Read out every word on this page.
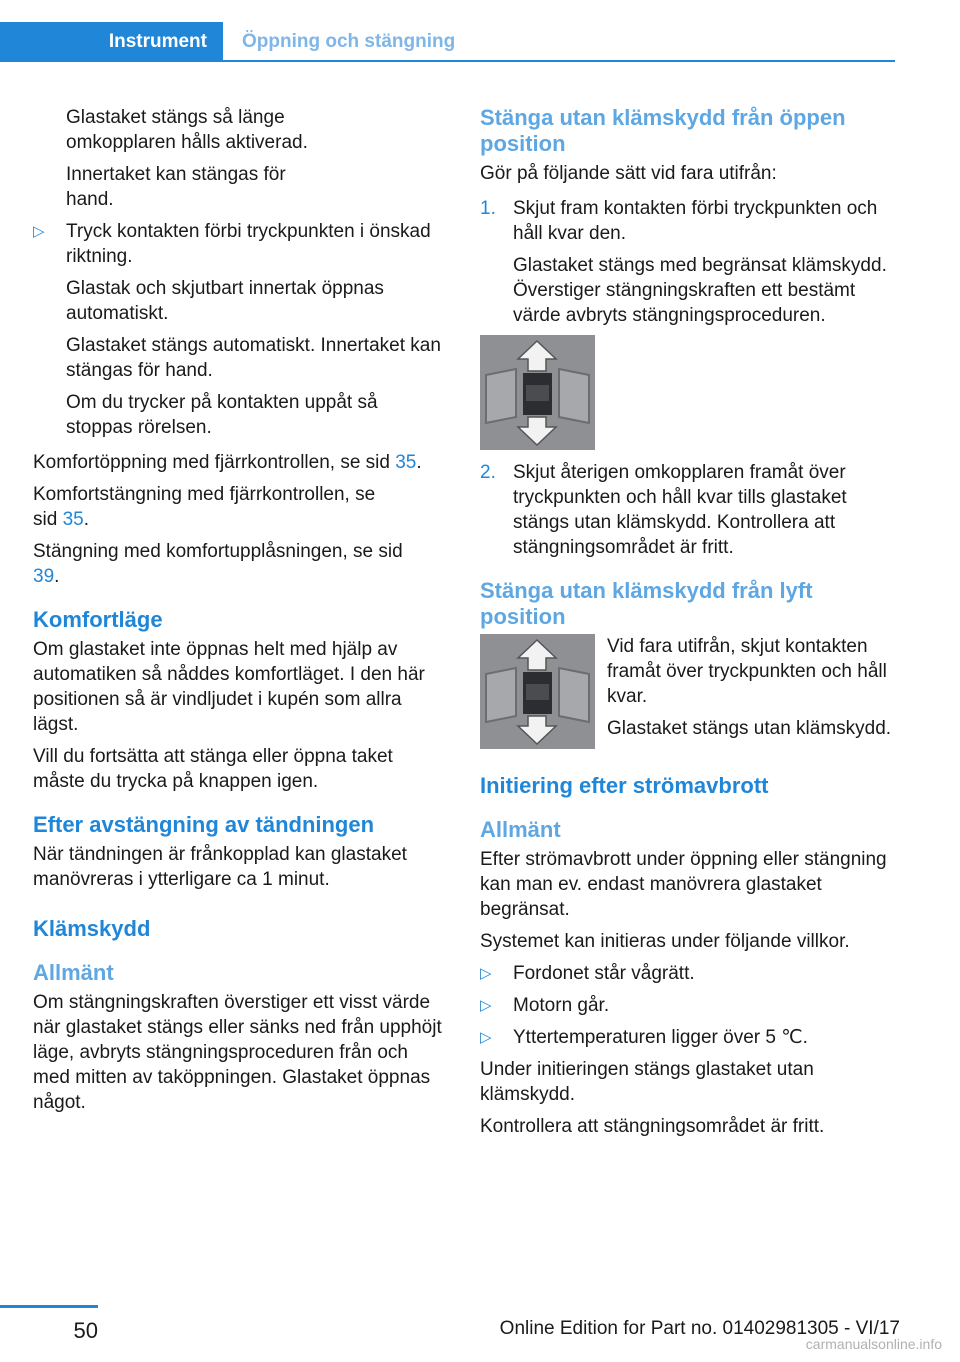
Instrument	Öppning och stängning

Glastaket stängs så länge omkopplaren hålls aktiverad.

Innertaket kan stängas för hand.

▷ Tryck kontakten förbi tryckpunkten i önskad riktning.

Glastak och skjutbart innertak öppnas automatiskt.

Glastaket stängs automatiskt. Innertaket kan stängas för hand.

Om du trycker på kontakten uppåt så stoppas rörelsen.

Komfortöppning med fjärrkontrollen, se sid 35.

Komfortstängning med fjärrkontrollen, se sid 35.

Stängning med komfortupplåsningen, se sid 39.

Komfortläge

Om glastaket inte öppnas helt med hjälp av automatiken så nåddes komfortläget. I den här positionen så är vindljudet i kupén som allra lägst.

Vill du fortsätta att stänga eller öppna taket måste du trycka på knappen igen.

Efter avstängning av tändningen

När tändningen är frånkopplad kan glastaket manövreras i ytterligare ca 1 minut.

Klämskydd
Allmänt

Om stängningskraften överstiger ett visst värde när glastaket stängs eller sänks ned från upphöjt läge, avbryts stängningsproceduren från och med mitten av taköppningen. Glastaket öppnas något.

Stänga utan klämskydd från öppen position

Gör på följande sätt vid fara utifrån:

1. Skjut fram kontakten förbi tryckpunkten och håll kvar den.

Glastaket stängs med begränsat klämskydd. Överstiger stängningskraften ett bestämt värde avbryts stängningsproceduren.

2. Skjut återigen omkopplaren framåt över tryckpunkten och håll kvar tills glastaket stängs utan klämskydd. Kontrollera att stängningsområdet är fritt.

Stänga utan klämskydd från lyft position

Vid fara utifrån, skjut kontakten framåt över tryckpunkten och håll kvar.

Glastaket stängs utan klämskydd.

Initiering efter strömavbrott
Allmänt

Efter strömavbrott under öppning eller stängning kan man ev. endast manövrera glastaket begränsat.

Systemet kan initieras under följande villkor.

▷ Fordonet står vågrätt.
▷ Motorn går.
▷ Yttertemperaturen ligger över 5 ℃.

Under initieringen stängs glastaket utan klämskydd.

Kontrollera att stängningsområdet är fritt.

50	Online Edition for Part no. 01402981305 - VI/17
carmanualsonline.info
